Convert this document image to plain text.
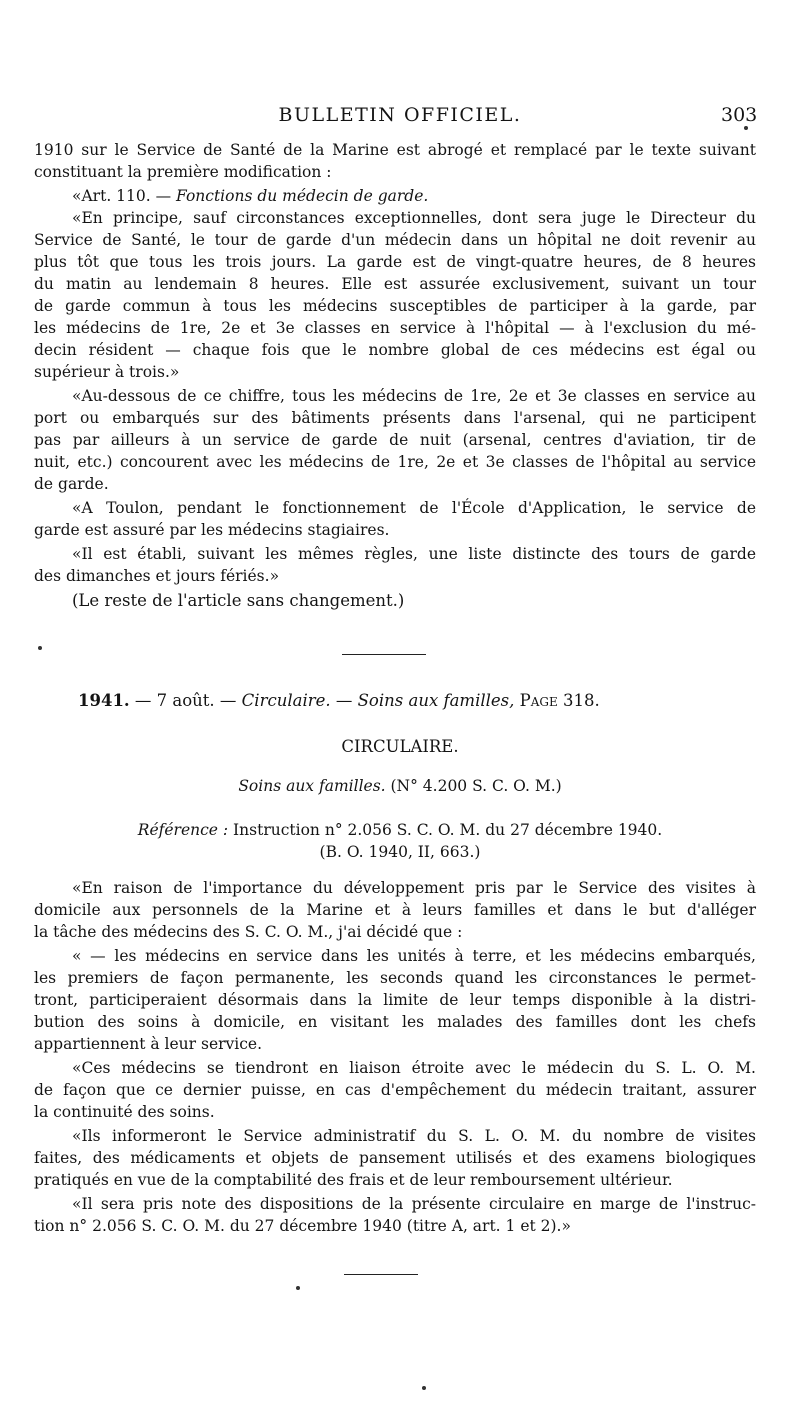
BULLETIN OFFICIEL.	303
1910 sur le Service de Santé de la Marine est abrogé et remplacé par le texte suivant
constituant la première modification :
«Art. 110. — Fonctions du médecin de garde.
«En principe, sauf circonstances exceptionnelles, dont sera juge le Directeur du
Service de Santé, le tour de garde d'un médecin dans un hôpital ne doit revenir au
plus tôt que tous les trois jours. La garde est de vingt-quatre heures, de 8 heures
du matin au lendemain 8 heures. Elle est assurée exclusivement, suivant un tour
de garde commun à tous les médecins susceptibles de participer à la garde, par
les médecins de 1re, 2e et 3e classes en service à l'hôpital — à l'exclusion du mé-
decin résident — chaque fois que le nombre global de ces médecins est égal ou
supérieur à trois.»
«Au-dessous de ce chiffre, tous les médecins de 1re, 2e et 3e classes en service au
port ou embarqués sur des bâtiments présents dans l'arsenal, qui ne participent
pas par ailleurs à un service de garde de nuit (arsenal, centres d'aviation, tir de
nuit, etc.) concourent avec les médecins de 1re, 2e et 3e classes de l'hôpital au service
de garde.
«A Toulon, pendant le fonctionnement de l'École d'Application, le service de
garde est assuré par les médecins stagiaires.
«Il est établi, suivant les mêmes règles, une liste distincte des tours de garde
des dimanches et jours fériés.»
(Le reste de l'article sans changement.)
1941. — 7 août. — Circulaire. — Soins aux familles, Page 318.
CIRCULAIRE.
Soins aux familles. (N° 4.200 S. C. O. M.)
Référence : Instruction n° 2.056 S. C. O. M. du 27 décembre 1940.
(B. O. 1940, II, 663.)
«En raison de l'importance du développement pris par le Service des visites à
domicile aux personnels de la Marine et à leurs familles et dans le but d'alléger
la tâche des médecins des S. C. O. M., j'ai décidé que :
« — les médecins en service dans les unités à terre, et les médecins embarqués,
les premiers de façon permanente, les seconds quand les circonstances le permet-
tront, participeraient désormais dans la limite de leur temps disponible à la distri-
bution des soins à domicile, en visitant les malades des familles dont les chefs
appartiennent à leur service.
«Ces médecins se tiendront en liaison étroite avec le médecin du S. L. O. M.
de façon que ce dernier puisse, en cas d'empêchement du médecin traitant, assurer
la continuité des soins.
«Ils informeront le Service administratif du S. L. O. M. du nombre de visites
faites, des médicaments et objets de pansement utilisés et des examens biologiques
pratiqués en vue de la comptabilité des frais et de leur remboursement ultérieur.
«Il sera pris note des dispositions de la présente circulaire en marge de l'instruc-
tion n° 2.056 S. C. O. M. du 27 décembre 1940 (titre A, art. 1 et 2).»
